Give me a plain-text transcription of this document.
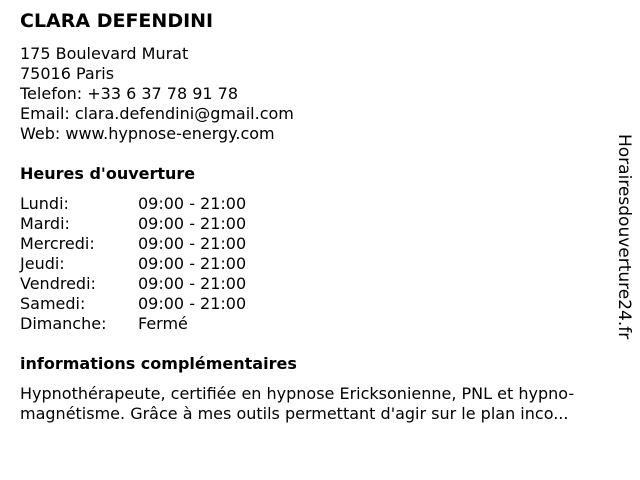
CLARA DEFENDINI
175 Boulevard Murat
75016 Paris
Telefon: +33 6 37 78 91 78
Email: clara.defendini@gmail.com
Web: www.hypnose-energy.com
Heures d'ouverture
Lundi:	09:00 - 21:00
Mardi:	09:00 - 21:00
Mercredi:	09:00 - 21:00
Jeudi:	09:00 - 21:00
Vendredi:	09:00 - 21:00
Samedi:	09:00 - 21:00
Dimanche:	Fermé
informations complémentaires
Hypnothérapeute, certifiée en hypnose Ericksonienne, PNL et hypno-
magnétisme. Grâce à mes outils permettant d'agir sur le plan inco...
Horairesdouverture24.fr
